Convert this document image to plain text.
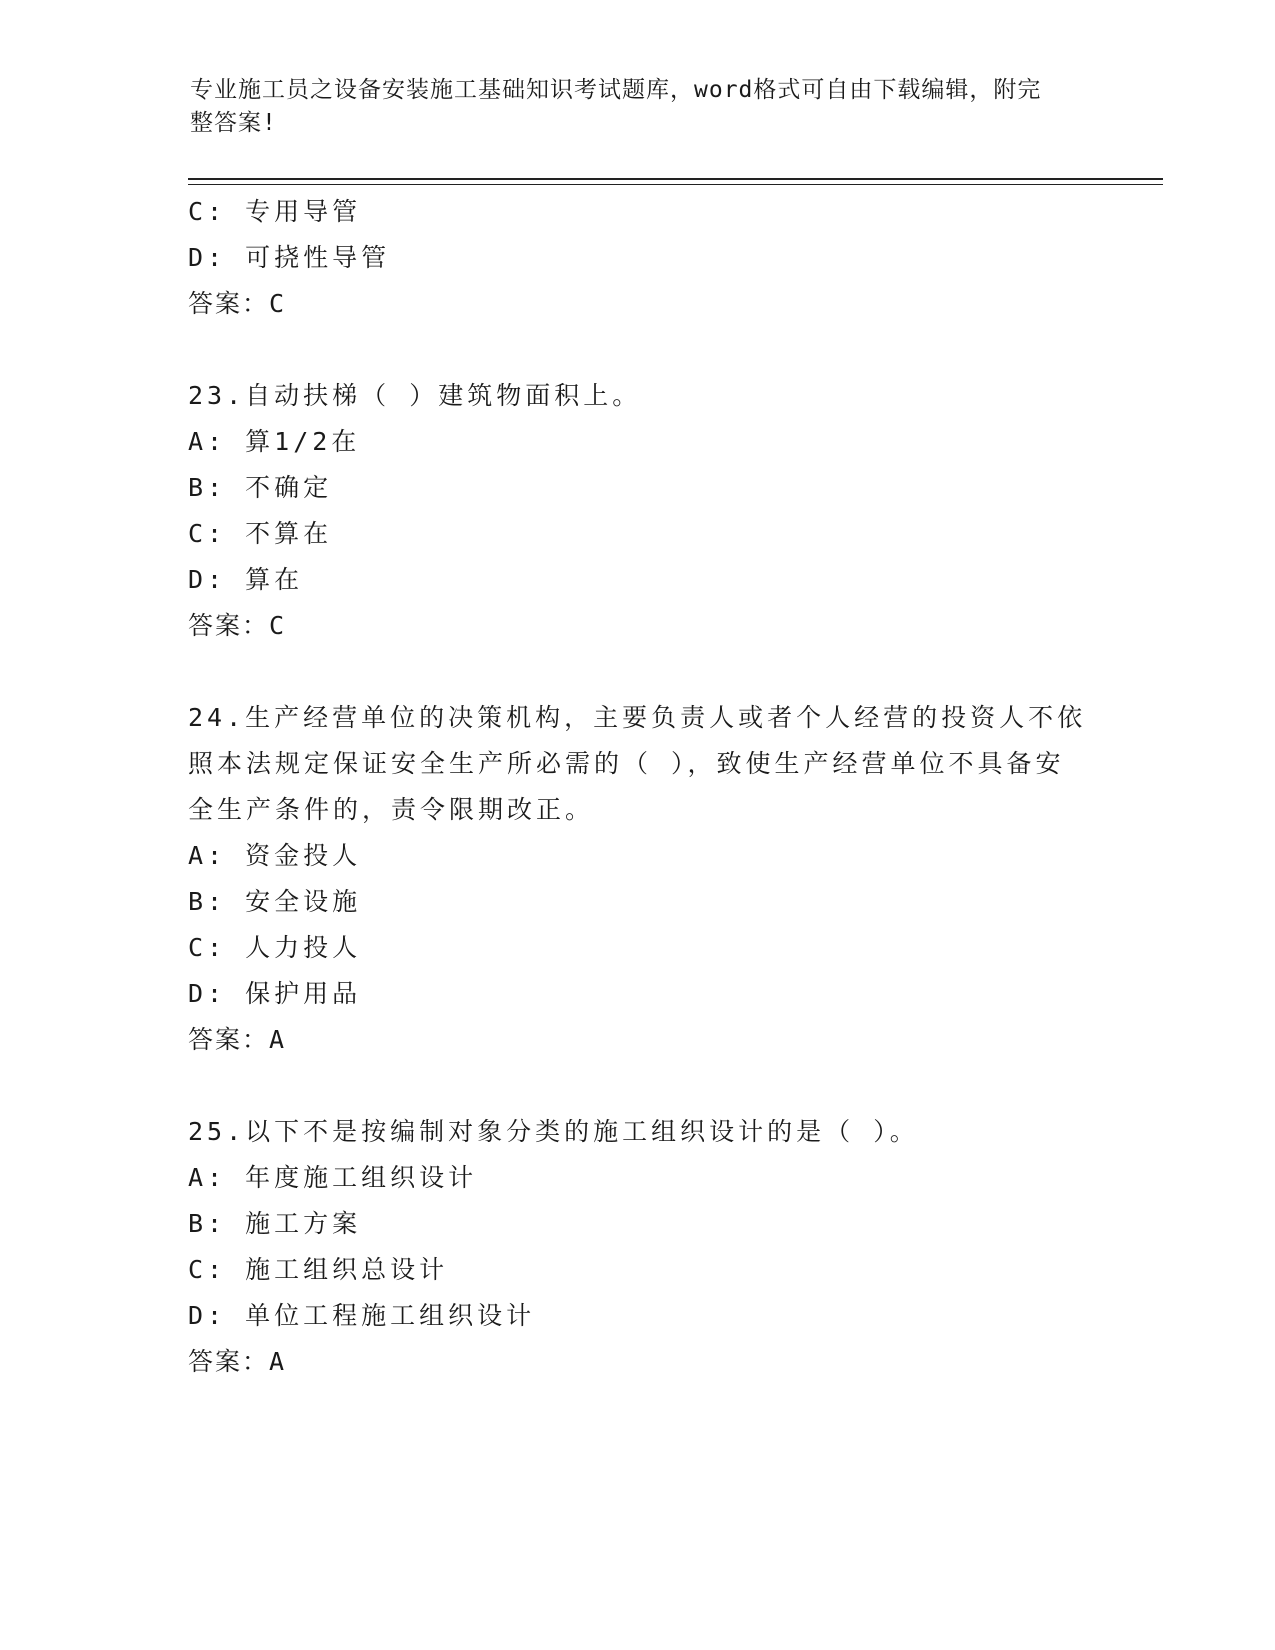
专业施工员之设备安装施工基础知识考试题库，word格式可自由下载编辑，附完
整答案!
C: 专用导管
D: 可挠性导管
答案：C
23.自动扶梯（ ）建筑物面积上。
A: 算1/2在
B: 不确定
C: 不算在
D: 算在
答案：C
24.生产经营单位的决策机构，主要负责人或者个人经营的投资人不依
照本法规定保证安全生产所必需的（ ），致使生产经营单位不具备安
全生产条件的，责令限期改正。
A: 资金投人
B: 安全设施
C: 人力投人
D: 保护用品
答案：A
25.以下不是按编制对象分类的施工组织设计的是（ ）。
A: 年度施工组织设计
B: 施工方案
C: 施工组织总设计
D: 单位工程施工组织设计
答案：A
